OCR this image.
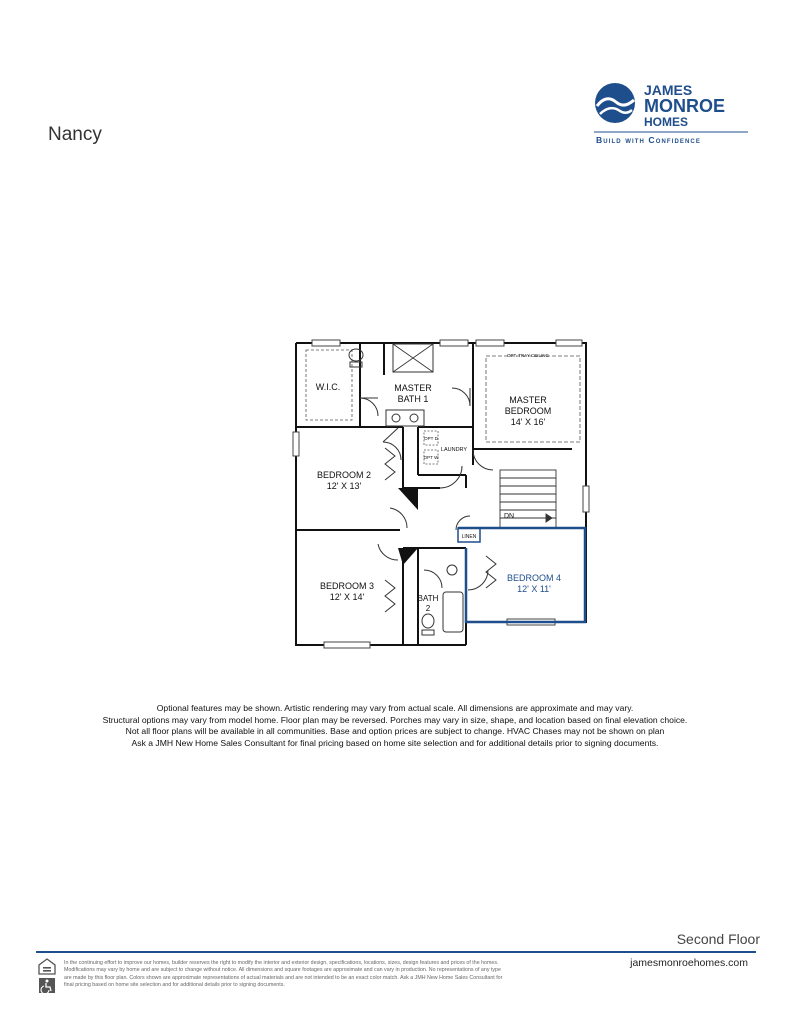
Nancy
JAMES
MONROE
HOMES
Build with Confidence
W.I.C.	MASTER
BATH 1	MASTER
BEDROOM
14' X 16'
OPT. TRAY CEILING
BEDROOM 2
12' X 13'
BEDROOM 3
12' X 14'
BEDROOM 4
12' X 11'
BATH
2
LAUNDRY
OPT D
OPT W
LINEN
DN
Optional features may be shown. Artistic rendering may vary from actual scale. All dimensions are approximate and may vary.
Structural options may vary from model home. Floor plan may be reversed. Porches may vary in size, shape, and location based on final elevation choice.
Not all floor plans will be available in all communities. Base and option prices are subject to change. HVAC Chases may not be shown on plan
Ask a JMH New Home Sales Consultant for final pricing based on home site selection and for additional details prior to signing documents.
Second Floor
In the continuing effort to improve our homes, builder reserves the right to modify the interior and exterior design, specifications, locations, sizes, design features and prices of the homes.
Modifications may vary by home and are subject to change without notice. All dimensions and square footages are approximate and can vary in production. No representations of any type
are made by this floor plan. Colors shown are approximate representations of actual materials and are not intended to be an exact color match. Ask a JMH New Home Sales Consultant for
final pricing based on home site selection and for additional details prior to signing documents.
jamesmonroehomes.com
